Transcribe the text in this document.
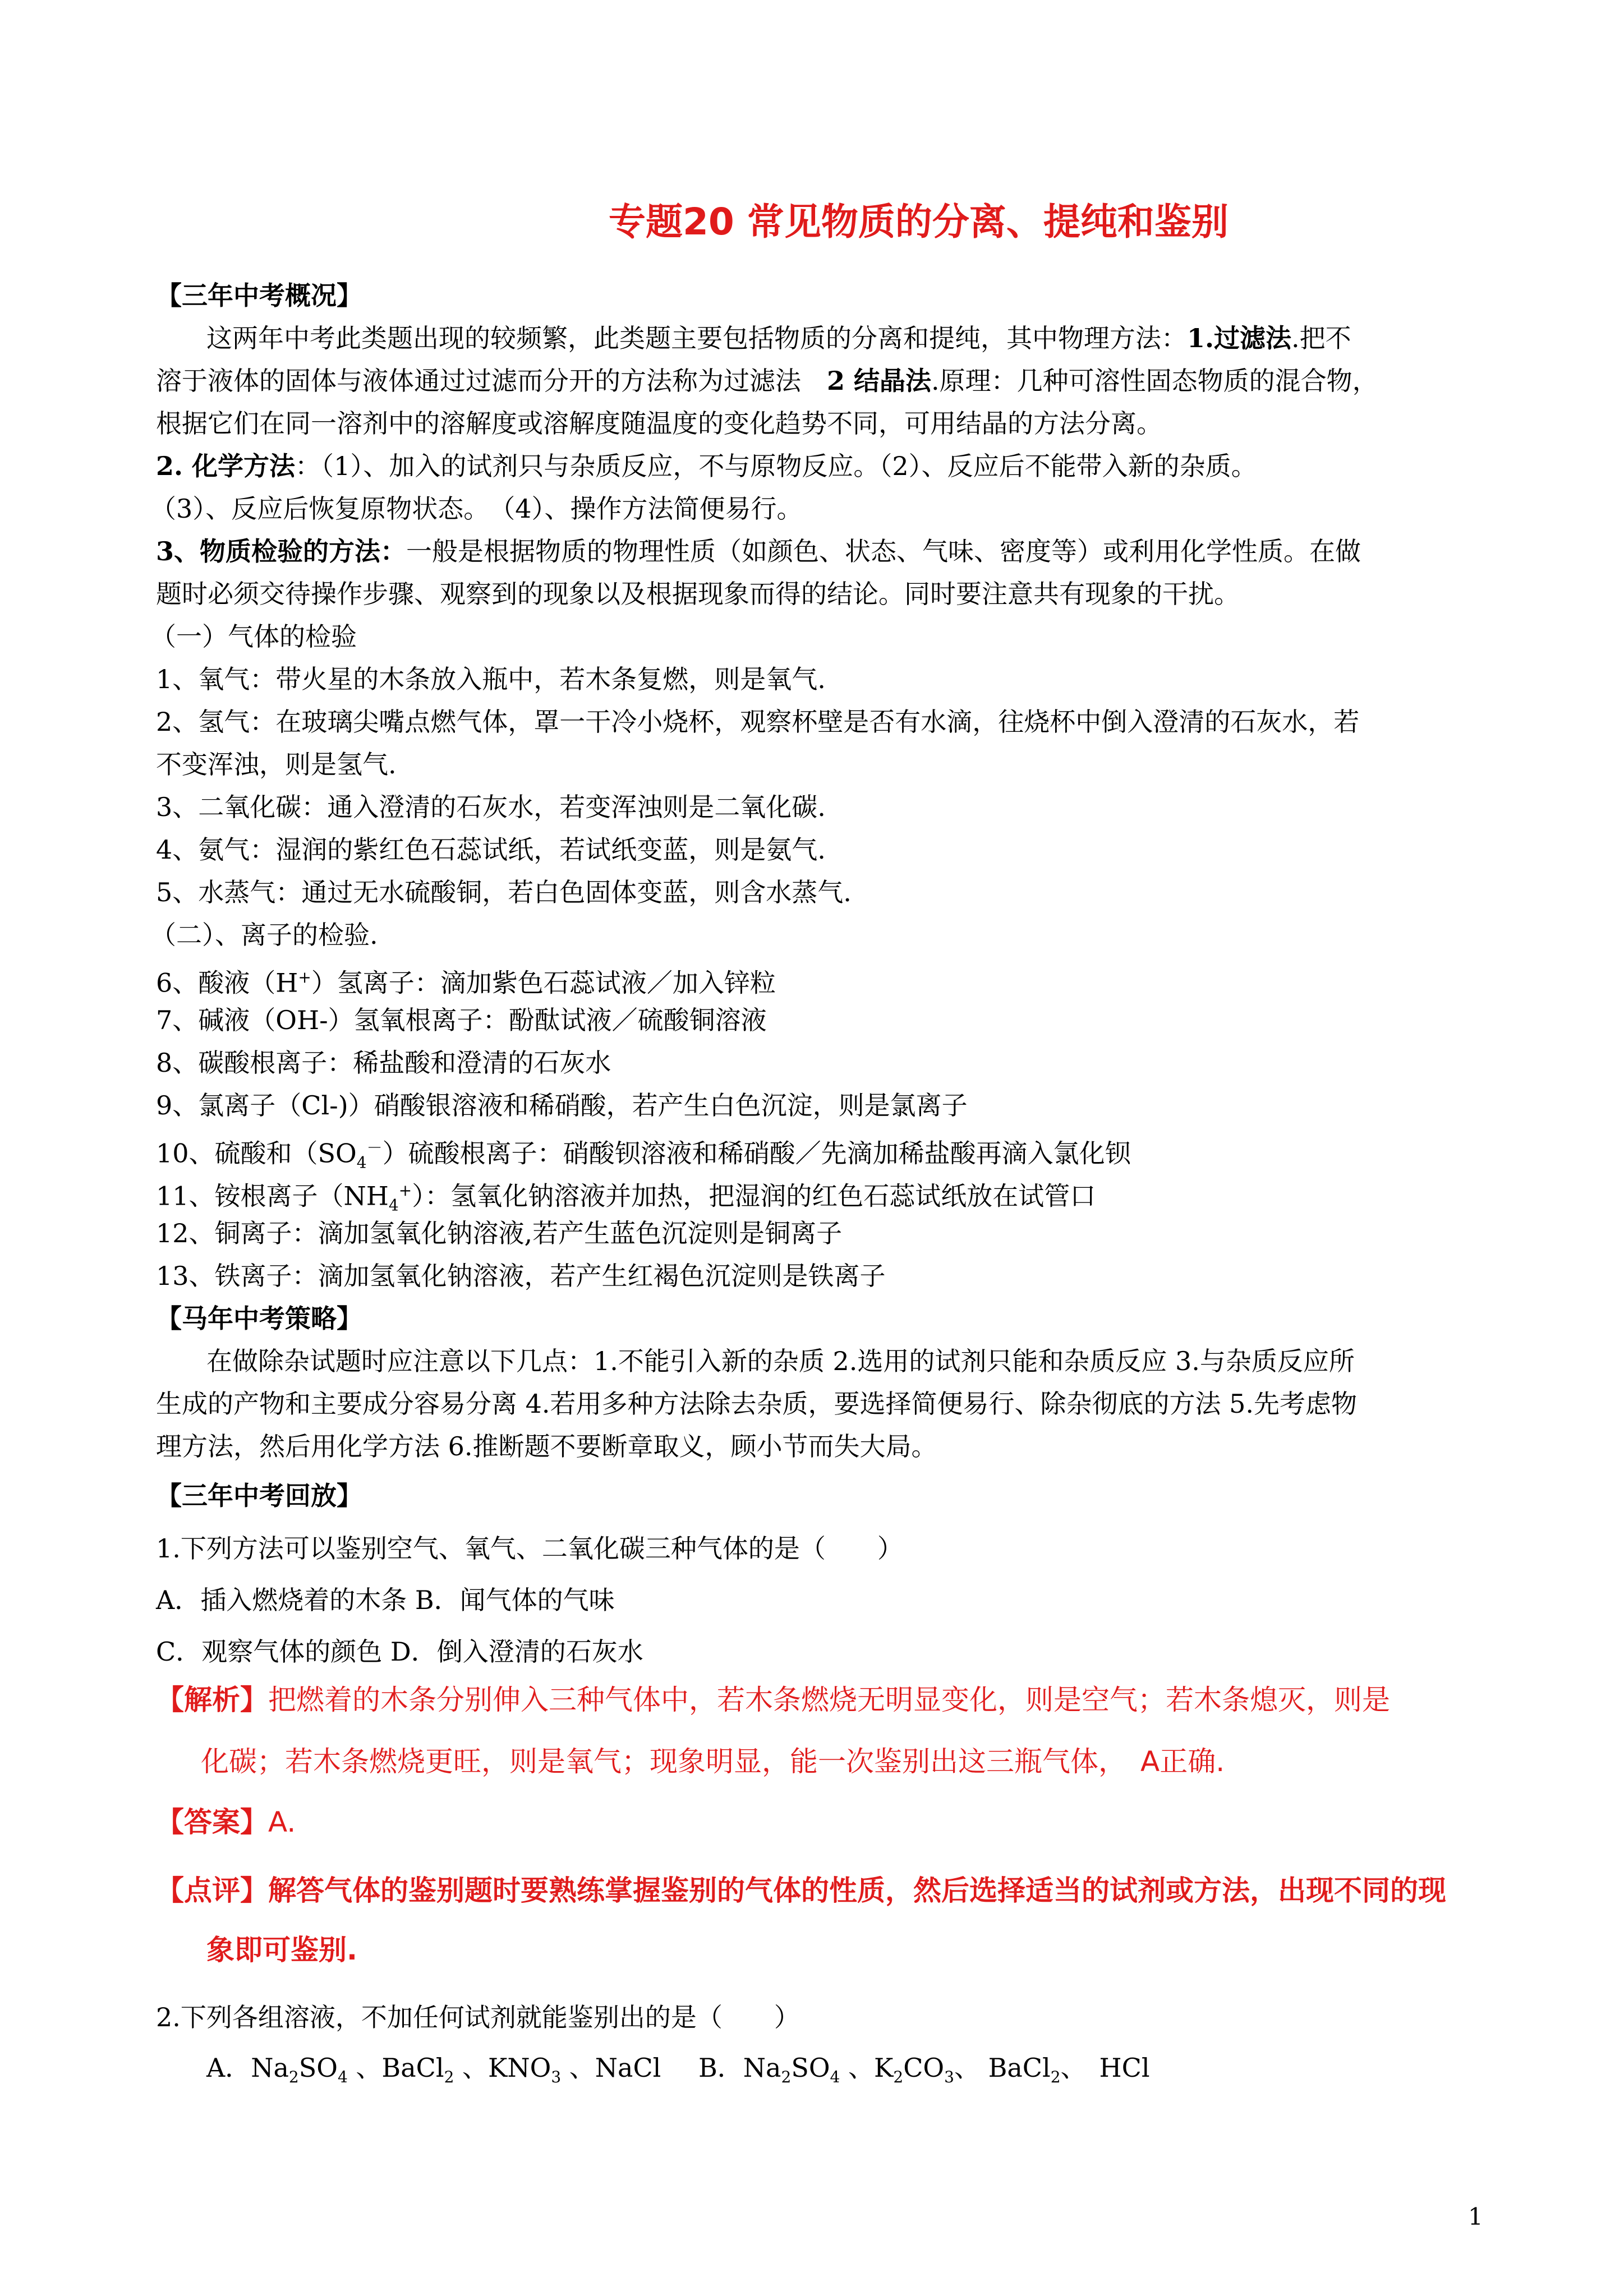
专题20 常见物质的分离、提纯和鉴别
【三年中考概况】
这两年中考此类题出现的较频繁，此类题主要包括物质的分离和提纯，其中物理方法：1.过滤法.把不
溶于液体的固体与液体通过过滤而分开的方法称为过滤法　2 结晶法.原理：几种可溶性固态物质的混合物，
根据它们在同一溶剂中的溶解度或溶解度随温度的变化趋势不同，可用结晶的方法分离。
2. 化学方法：（1）、加入的试剂只与杂质反应，不与原物反应。（2）、反应后不能带入新的杂质。
（3）、反应后恢复原物状态。　（4）、操作方法简便易行。
3、物质检验的方法：一般是根据物质的物理性质（如颜色、状态、气味、密度等）或利用化学性质。在做
题时必须交待操作步骤、观察到的现象以及根据现象而得的结论。同时要注意共有现象的干扰。
（一）气体的检验
1、氧气：带火星的木条放入瓶中，若木条复燃，则是氧气.
2、氢气：在玻璃尖嘴点燃气体，罩一干冷小烧杯，观察杯壁是否有水滴，往烧杯中倒入澄清的石灰水，若
不变浑浊，则是氢气.
3、二氧化碳：通入澄清的石灰水，若变浑浊则是二氧化碳.
4、氨气：湿润的紫红色石蕊试纸，若试纸变蓝，则是氨气.
5、水蒸气：通过无水硫酸铜，若白色固体变蓝，则含水蒸气.
（二）、离子的检验.
6、酸液（H+）氢离子：滴加紫色石蕊试液／加入锌粒
7、碱液（OH-）氢氧根离子：酚酞试液／硫酸铜溶液
8、碳酸根离子：稀盐酸和澄清的石灰水
9、氯离子（Cl-)）硝酸银溶液和稀硝酸，若产生白色沉淀，则是氯离子
10、硫酸和$(SO_4^-)$硫酸根离子：硝酸钡溶液和稀硝酸／先滴加稀盐酸再滴入氯化钡
11、铵根离子$(NH_4^+)$：氢氧化钠溶液并加热，把湿润的红色石蕊试纸放在试管口
12、铜离子：滴加氢氧化钠溶液,若产生蓝色沉淀则是铜离子
13、铁离子：滴加氢氧化钠溶液，若产生红褐色沉淀则是铁离子
【马年中考策略】
在做除杂试题时应注意以下几点：1.不能引入新的杂质 2.选用的试剂只能和杂质反应 3.与杂质反应所
生成的产物和主要成分容易分离 4.若用多种方法除去杂质，要选择简便易行、除杂彻底的方法 5.先考虑物
理方法，然后用化学方法 6.推断题不要断章取义，顾小节而失大局。
【三年中考回放】
1.下列方法可以鉴别空气、氧气、二氧化碳三种气体的是（　　）
A．插入燃烧着的木条 B．闻气体的气味
C．观察气体的颜色 D．倒入澄清的石灰水
【解析】把燃着的木条分别伸入三种气体中，若木条燃烧无明显变化，则是空气；若木条熄灭，则是
化碳；若木条燃烧更旺，则是氧气；现象明显，能一次鉴别出这三瓶气体，　A正确.
【答案】A.
【点评】解答气体的鉴别题时要熟练掌握鉴别的气体的性质，然后选择适当的试剂或方法，出现不同的现
象即可鉴别.
2.下列各组溶液，不加任何试剂就能鉴别出的是（　　）
A．$Na_2SO_4$ 、BaCl$_2$ 、$KNO_3$ 、NaCl B．$Na_2SO_4$ 、$K_2CO_3$、 BaCl$_2$、　HCl
1
